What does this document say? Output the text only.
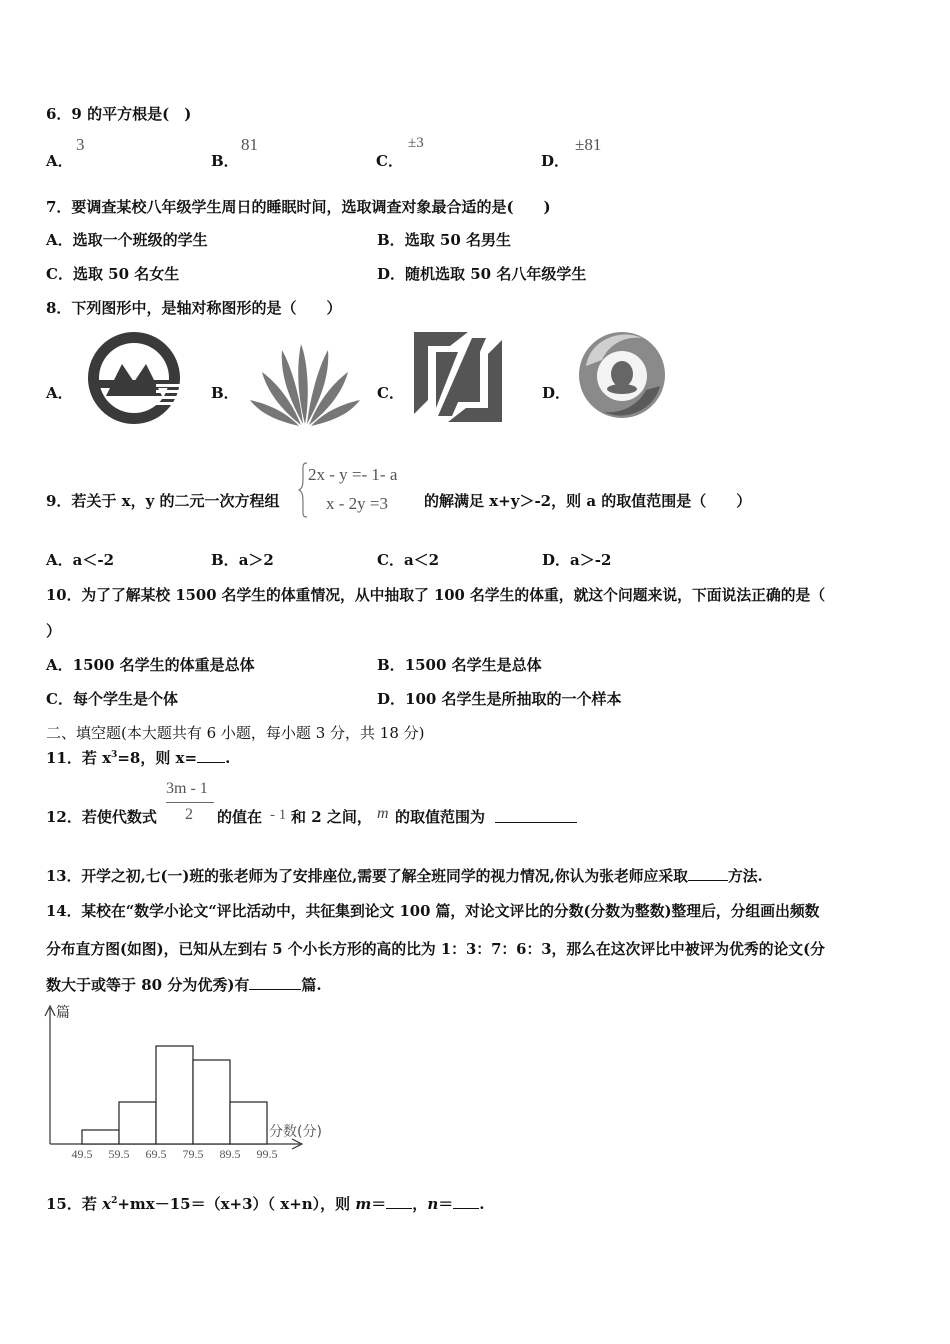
6．9 的平方根是(　)
A．
3
B．
81
C．
±3
D．
±81
7．要调查某校八年级学生周日的睡眠时间，选取调查对象最合适的是(　　)
A．选取一个班级的学生	B．选取 50 名男生
C．选取 50 名女生	D．随机选取 50 名八年级学生
8．下列图形中，是轴对称图形的是（　　）
A．	B．	C．	D．
9．若关于 x，y 的二元一次方程组
2x - y =- 1- a
x - 2y =3 的解满足 x+y＞-2，则 a 的取值范围是（　　）
A．a＜-2	B．a＞2	C．a＜2	D．a＞-2
10．为了了解某校 1500 名学生的体重情况，从中抽取了 100 名学生的体重，就这个问题来说，下面说法正确的是（
）
A．1500 名学生的体重是总体	B．1500 名学生是总体
C．每个学生是个体	D．100 名学生是所抽取的一个样本
二、填空题(本大题共有 6 小题，每小题 3 分，共 18 分)
11．若 $x^3=8$，则 x= .
12．若使代数式
3m - 1
2 的值在 - 1 和 2 之间， m 的取值范围为
13．开学之初,七(一)班的张老师为了安排座位,需要了解全班同学的视力情况,你认为张老师应采取	方法.
14．某校在“数学小论文“评比活动中，共征集到论文 100 篇，对论文评比的分数(分数为整数)整理后，分组画出频数
分布直方图(如图)，已知从左到右 5 个小长方形的高的比为 1：3：7：6：3，那么在这次评比中被评为优秀的论文(分
数大于或等于 80 分为优秀)有	篇.
篇
分数(分)
49.5 59.5 69.5 79.5 89.5 99.5
15．若 $x^2+mx-15=(x+3)$（ x+n），则 m＝ ，n＝ .
